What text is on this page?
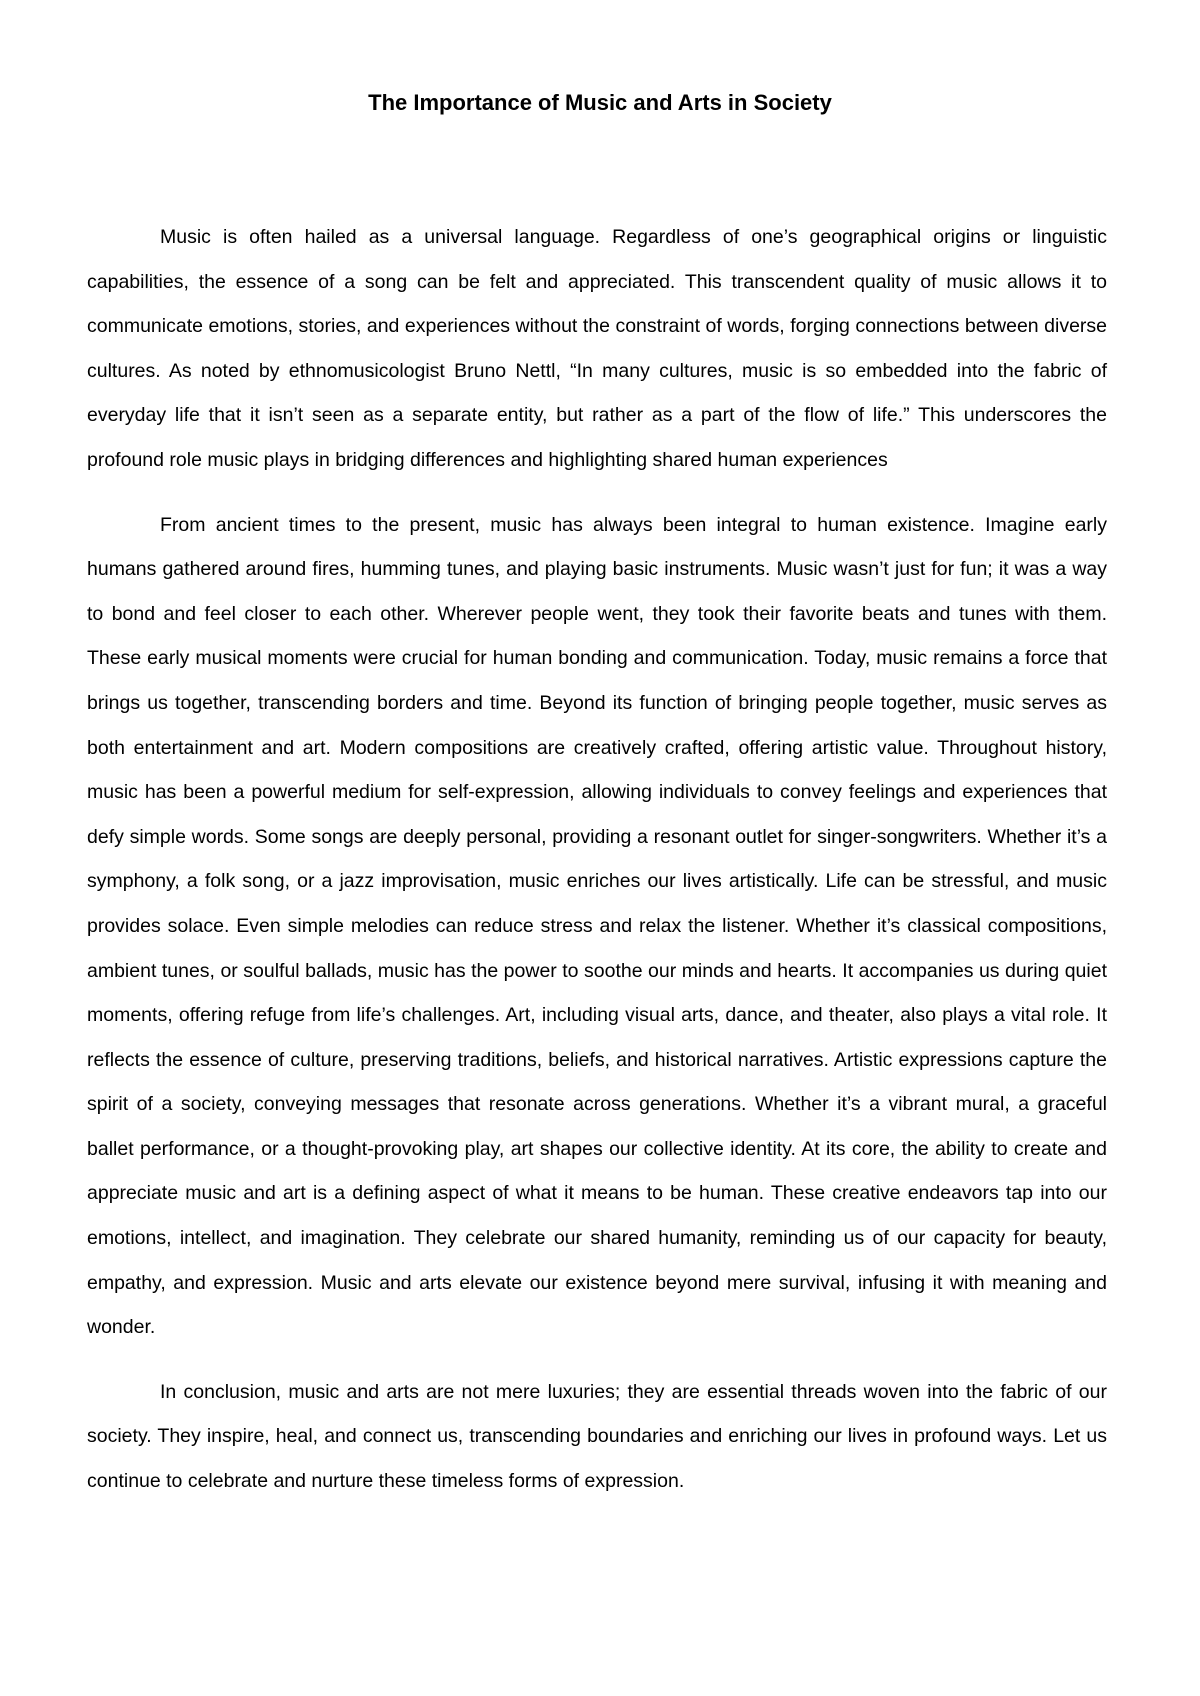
The Importance of Music and Arts in Society

Music is often hailed as a universal language. Regardless of one’s geographical origins or linguistic capabilities, the essence of a song can be felt and appreciated. This transcendent quality of music allows it to communicate emotions, stories, and experiences without the constraint of words, forging connections between diverse cultures. As noted by ethnomusicologist Bruno Nettl, “In many cultures, music is so embedded into the fabric of everyday life that it isn’t seen as a separate entity, but rather as a part of the flow of life.” This underscores the profound role music plays in bridging differences and highlighting shared human experiences

From ancient times to the present, music has always been integral to human existence. Imagine early humans gathered around fires, humming tunes, and playing basic instruments. Music wasn’t just for fun; it was a way to bond and feel closer to each other. Wherever people went, they took their favorite beats and tunes with them. These early musical moments were crucial for human bonding and communication. Today, music remains a force that brings us together, transcending borders and time. Beyond its function of bringing people together, music serves as both entertainment and art. Modern compositions are creatively crafted, offering artistic value. Throughout history, music has been a powerful medium for self-expression, allowing individuals to convey feelings and experiences that defy simple words. Some songs are deeply personal, providing a resonant outlet for singer-songwriters. Whether it’s a symphony, a folk song, or a jazz improvisation, music enriches our lives artistically. Life can be stressful, and music provides solace. Even simple melodies can reduce stress and relax the listener. Whether it’s classical compositions, ambient tunes, or soulful ballads, music has the power to soothe our minds and hearts. It accompanies us during quiet moments, offering refuge from life’s challenges. Art, including visual arts, dance, and theater, also plays a vital role. It reflects the essence of culture, preserving traditions, beliefs, and historical narratives. Artistic expressions capture the spirit of a society, conveying messages that resonate across generations. Whether it’s a vibrant mural, a graceful ballet performance, or a thought-provoking play, art shapes our collective identity. At its core, the ability to create and appreciate music and art is a defining aspect of what it means to be human. These creative endeavors tap into our emotions, intellect, and imagination. They celebrate our shared humanity, reminding us of our capacity for beauty, empathy, and expression. Music and arts elevate our existence beyond mere survival, infusing it with meaning and wonder.

In conclusion, music and arts are not mere luxuries; they are essential threads woven into the fabric of our society. They inspire, heal, and connect us, transcending boundaries and enriching our lives in profound ways. Let us continue to celebrate and nurture these timeless forms of expression.
